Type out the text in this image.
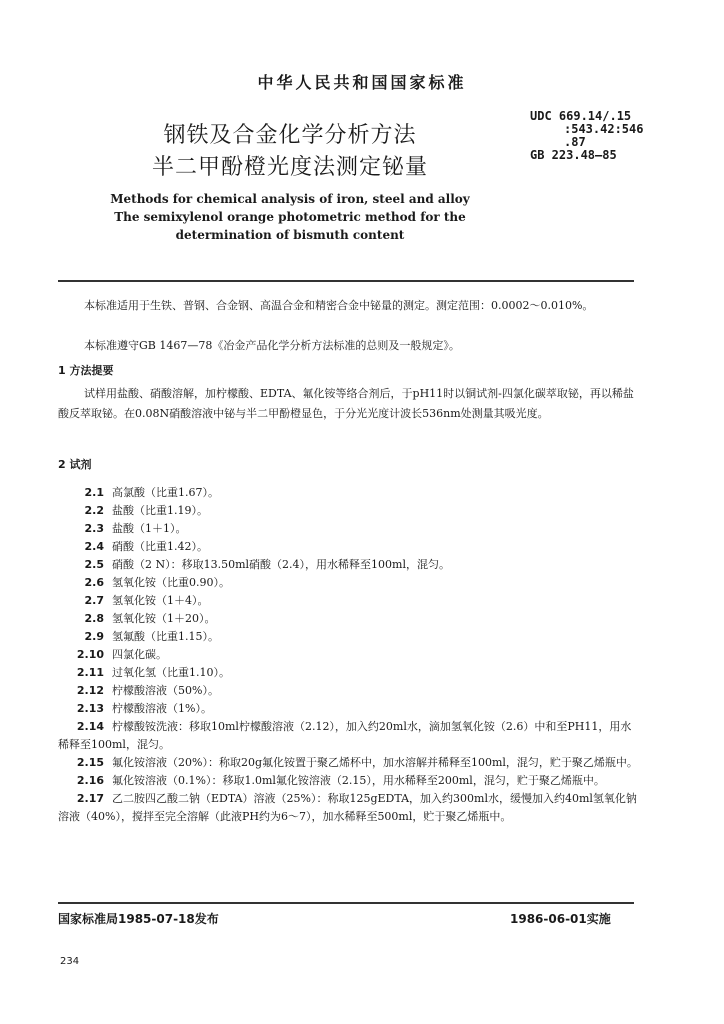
中华人民共和国国家标准
钢铁及合金化学分析方法
半二甲酚橙光度法测定铋量
UDC 669.14/.15
:543.42:546
.87
GB 223.48—85
Methods for chemical analysis of iron, steel and alloy
The semixylenol orange photometric method for the
determination of bismuth content
本标准适用于生铁、普钢、合金钢、高温合金和精密合金中铋量的测定。测定范围：0.0002～0.010%。
本标准遵守GB 1467—78《冶金产品化学分析方法标准的总则及一般规定》。
1 方法提要
试样用盐酸、硝酸溶解，加柠檬酸、EDTA、氟化铵等络合剂后，于pH11时以铜试剂-四氯化碳萃取铋，再以稀盐酸反萃取铋。在0.08N硝酸溶液中铋与半二甲酚橙显色，于分光光度计波长536nm处测量其吸光度。
2 试剂
2.1 高氯酸（比重1.67）。
2.2 盐酸（比重1.19）。
2.3 盐酸（1＋1）。
2.4 硝酸（比重1.42）。
2.5 硝酸（2 N）：移取13.50ml硝酸（2.4），用水稀释至100ml，混匀。
2.6 氢氧化铵（比重0.90）。
2.7 氢氧化铵（1＋4）。
2.8 氢氧化铵（1＋20）。
2.9 氢氟酸（比重1.15）。
2.10 四氯化碳。
2.11 过氧化氢（比重1.10）。
2.12 柠檬酸溶液（50%）。
2.13 柠檬酸溶液（1%）。
2.14 柠檬酸铵洗液：移取10ml柠檬酸溶液（2.12），加入约20ml水，滴加氢氧化铵（2.6）中和至PH11，用水稀释至100ml，混匀。
2.15 氟化铵溶液（20%）：称取20g氟化铵置于聚乙烯杯中，加水溶解并稀释至100ml，混匀，贮于聚乙烯瓶中。
2.16 氟化铵溶液（0.1%）：移取1.0ml氟化铵溶液（2.15），用水稀释至200ml，混匀，贮于聚乙烯瓶中。
2.17 乙二胺四乙酸二钠（EDTA）溶液（25%）：称取125gEDTA，加入约300ml水，缓慢加入约40ml氢氧化钠溶液（40%），搅拌至完全溶解（此液PH约为6～7），加水稀释至500ml，贮于聚乙烯瓶中。
国家标准局1985-07-18发布	1986-06-01实施
234
